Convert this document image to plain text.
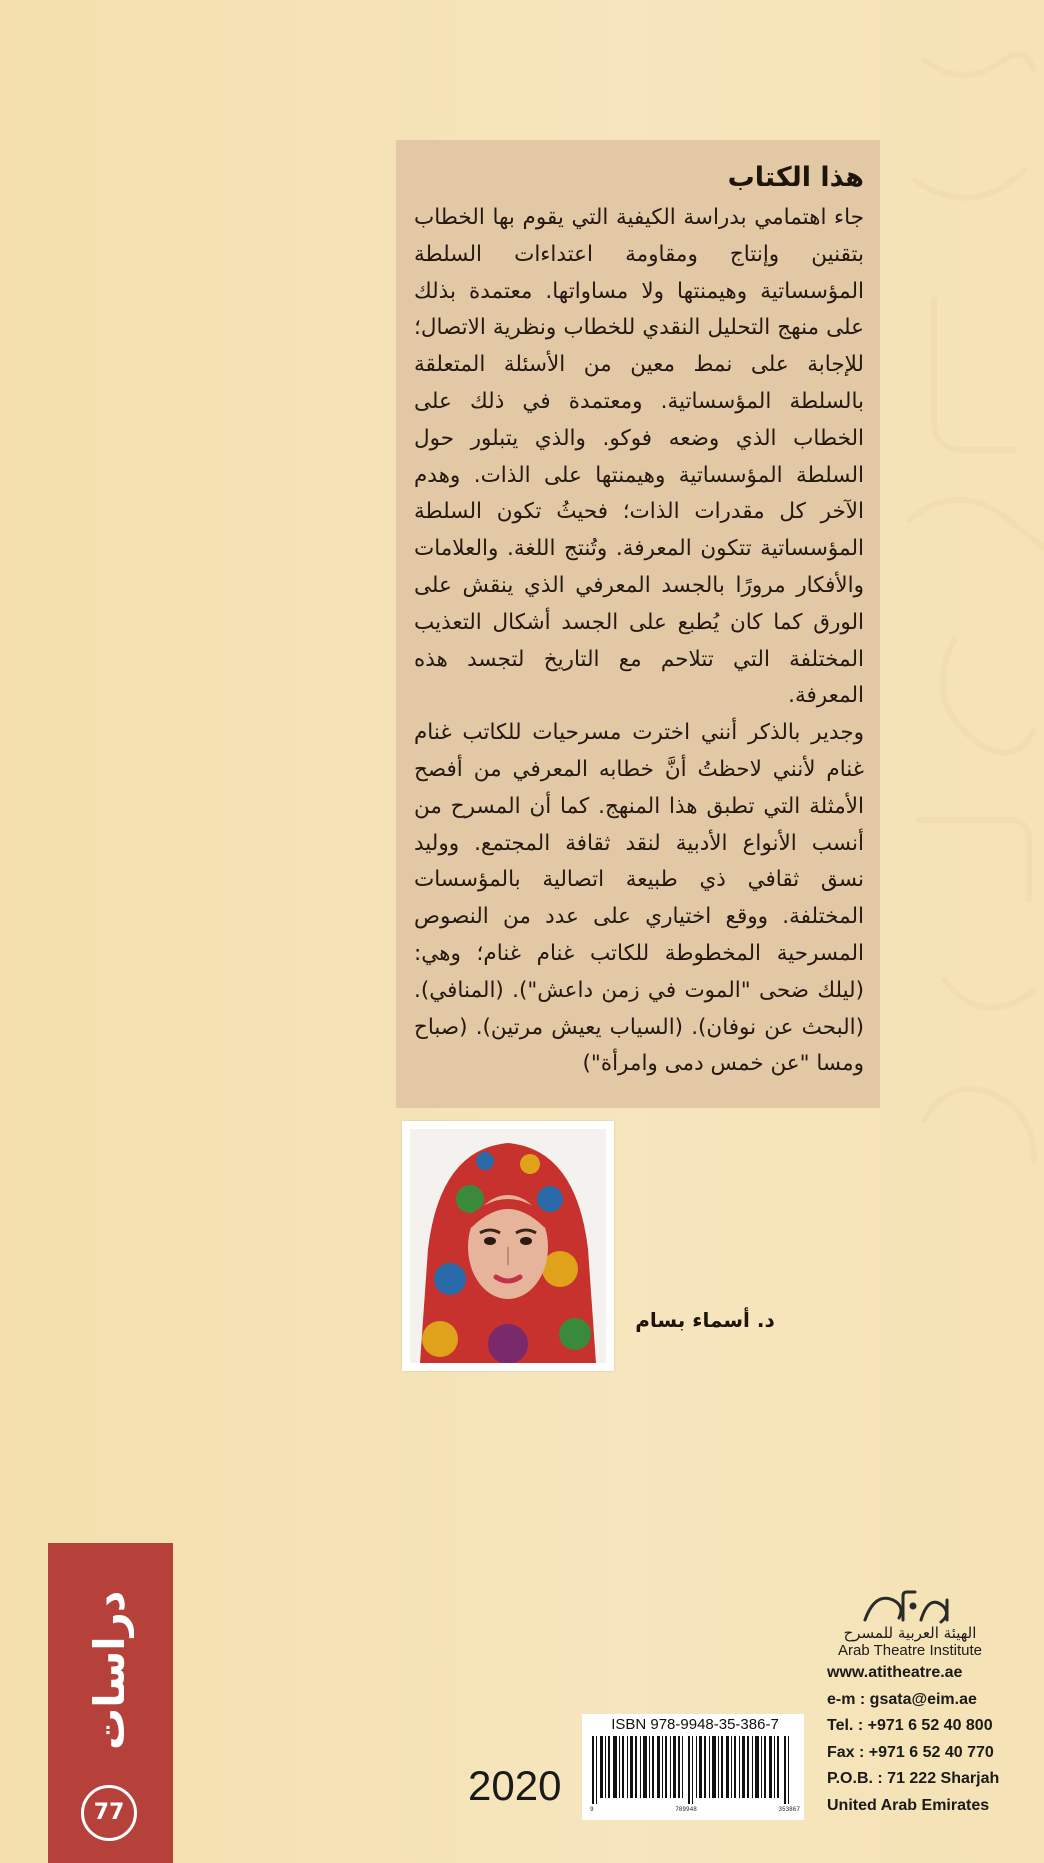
هذا الكتاب

جاء اهتمامي بدراسة الكيفية التي يقوم بها الخطاب بتقنين وإنتاج ومقاومة اعتداءات السلطة المؤسساتية وهيمنتها ولا مساواتها. معتمدة بذلك على منهج التحليل النقدي للخطاب ونظرية الاتصال؛ للإجابة على نمط معين من الأسئلة المتعلقة بالسلطة المؤسساتية. ومعتمدة في ذلك على الخطاب الذي وضعه فوكو. والذي يتبلور حول السلطة المؤسساتية وهيمنتها على الذات. وهدم الآخر كل مقدرات الذات؛ فحيثُ تكون السلطة المؤسساتية تتكون المعرفة. وتُنتج اللغة. والعلامات والأفكار مرورًا بالجسد المعرفي الذي ينقش على الورق كما كان يُطبع على الجسد أشكال التعذيب المختلفة التي تتلاحم مع التاريخ لتجسد هذه المعرفة.

وجدير بالذكر أنني اخترت مسرحيات للكاتب غنام غنام لأنني لاحظتُ أنَّ خطابه المعرفي من أفصح الأمثلة التي تطبق هذا المنهج. كما أن المسرح من أنسب الأنواع الأدبية لنقد ثقافة المجتمع. ووليد نسق ثقافي ذي طبيعة اتصالية بالمؤسسات المختلفة. ووقع اختياري على عدد من النصوص المسرحية المخطوطة للكاتب غنام غنام؛ وهي: (ليلك ضحى "الموت في زمن داعش"). (المنافي). (البحث عن نوفان). (السياب يعيش مرتين). (صباح ومسا "عن خمس دمى وامرأة")

د. أسماء بسام
دراسات
77
ISBN 978-9948-35-386-7
9	789948	353867
2020
الهيئة العربية للمسرح
Arab Theatre Institute
www.atitheatre.ae
e-m : gsata@eim.ae
Tel. : +971 6 52 40 800
Fax : +971 6 52 40 770
P.O.B. : 71 222 Sharjah
United Arab Emirates
